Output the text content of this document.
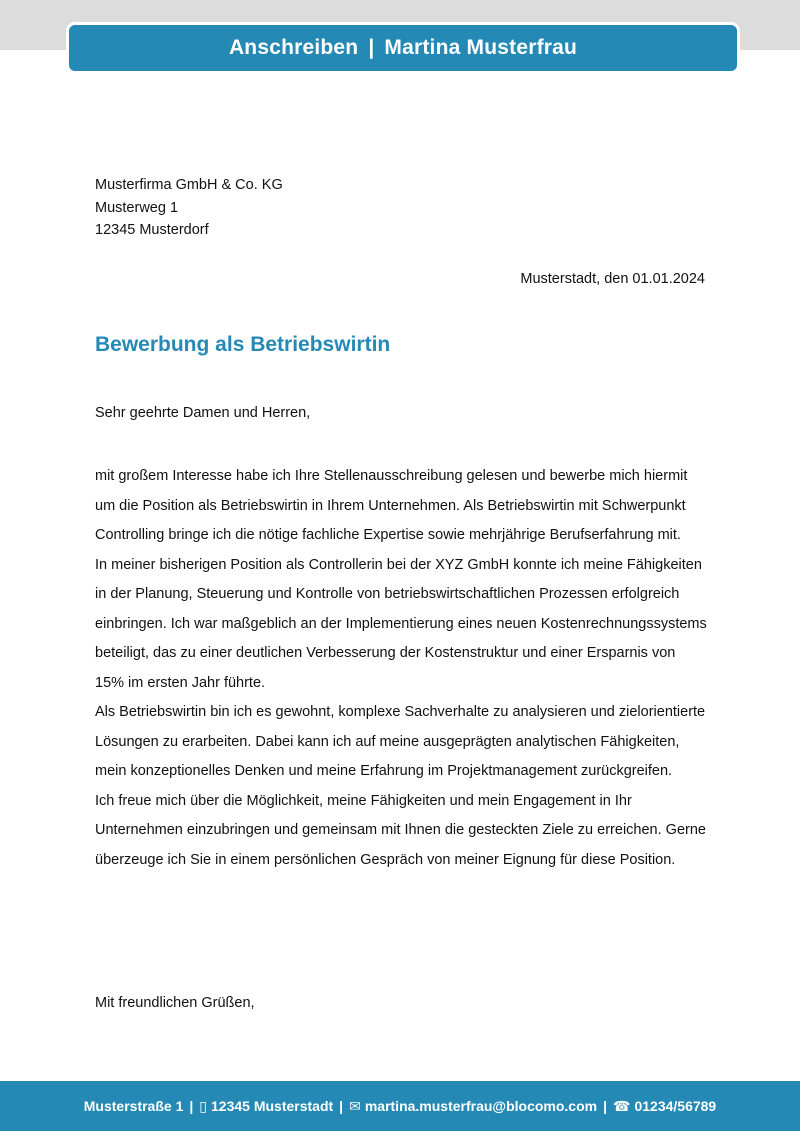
Anschreiben | Martina Musterfrau
Musterfirma GmbH & Co. KG
Musterweg 1
12345 Musterdorf
Musterstadt, den 01.01.2024
Bewerbung als Betriebswirtin
Sehr geehrte Damen und Herren,

mit großem Interesse habe ich Ihre Stellenausschreibung gelesen und bewerbe mich hiermit um die Position als Betriebswirtin in Ihrem Unternehmen. Als Betriebswirtin mit Schwerpunkt Controlling bringe ich die nötige fachliche Expertise sowie mehrjährige Berufserfahrung mit.

In meiner bisherigen Position als Controllerin bei der XYZ GmbH konnte ich meine Fähigkeiten in der Planung, Steuerung und Kontrolle von betriebswirtschaftlichen Prozessen erfolgreich einbringen. Ich war maßgeblich an der Implementierung eines neuen Kostenrechnungssystems beteiligt, das zu einer deutlichen Verbesserung der Kostenstruktur und einer Ersparnis von 15% im ersten Jahr führte.

Als Betriebswirtin bin ich es gewohnt, komplexe Sachverhalte zu analysieren und zielorientierte Lösungen zu erarbeiten. Dabei kann ich auf meine ausgeprägten analytischen Fähigkeiten, mein konzeptionelles Denken und meine Erfahrung im Projektmanagement zurückgreifen.

Ich freue mich über die Möglichkeit, meine Fähigkeiten und mein Engagement in Ihr Unternehmen einzubringen und gemeinsam mit Ihnen die gesteckten Ziele zu erreichen. Gerne überzeuge ich Sie in einem persönlichen Gespräch von meiner Eignung für diese Position.

Mit freundlichen Grüßen,
Musterstraße 1 | ▯ 12345 Musterstadt | ✉ martina.musterfrau@blocomo.com | ☎ 01234/56789
